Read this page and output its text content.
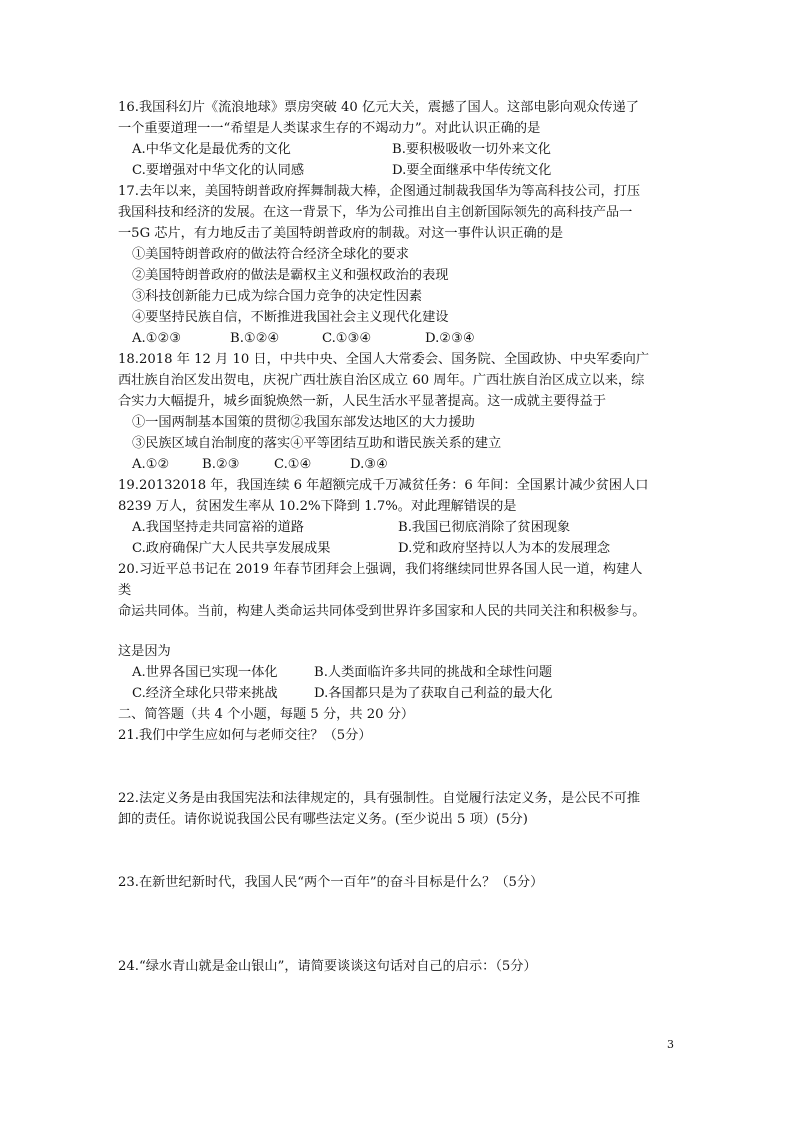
16.我国科幻片《流浪地球》票房突破 40 亿元大关，震撼了国人。这部电影向观众传递了
一个重要道理一一“希望是人类谋求生存的不竭动力”。对此认识正确的是
A.中华文化是最优秀的文化	B.要积极吸收一切外来文化
C.要增强对中华文化的认同感	D.要全面继承中华传统文化
17.去年以来，美国特朗普政府挥舞制裁大棒，企图通过制裁我国华为等高科技公司，打压
我国科技和经济的发展。在这一背景下，华为公司推出自主创新国际领先的高科技产品一
一5G 芯片，有力地反击了美国特朗普政府的制裁。对这一事件认识正确的是
①美国特朗普政府的做法符合经济全球化的要求
②美国特朗普政府的做法是霸权主义和强权政治的表现
③科技创新能力已成为综合国力竞争的决定性因素
④要坚持民族自信，不断推进我国社会主义现代化建设
A.①②③	B.①②④	C.①③④	D.②③④
18.2018 年 12 月 10 日，中共中央、全国人大常委会、国务院、全国政协、中央军委向广
西壮族自治区发出贺电，庆祝广西壮族自治区成立 60 周年。广西壮族自治区成立以来，综
合实力大幅提升，城乡面貌焕然一新，人民生活水平显著提高。这一成就主要得益于
①一国两制基本国策的贯彻②我国东部发达地区的大力援助
③民族区域自治制度的落实④平等团结互助和谐民族关系的建立
A.①② B.②③	C.①④	D.③④
19.20132018 年，我国连续 6 年超额完成千万减贫任务：6 年间：全国累计减少贫困人口
8239 万人，贫困发生率从 10.2%下降到 1.7%。对此理解错误的是
A.我国坚持走共同富裕的道路	B.我国已彻底消除了贫困现象
C.政府确保广大人民共享发展成果	D.党和政府坚持以人为本的发展理念
20.习近平总书记在 2019 年春节团拜会上强调，我们将继续同世界各国人民一道，构建人
类
命运共同体。当前，构建人类命运共同体受到世界许多国家和人民的共同关注和积极参与。
这是因为
A.世界各国已实现一体化	B.人类面临许多共同的挑战和全球性问题
C.经济全球化只带来挑战	D.各国都只是为了获取自己利益的最大化
二、简答题（共 4 个小题，每题 5 分，共 20 分）
21.我们中学生应如何与老师交往？（5分）
22.法定义务是由我国宪法和法律规定的，具有强制性。自觉履行法定义务，是公民不可推
卸的责任。请你说说我国公民有哪些法定义务。(至少说出 5 项）(5分)
23.在新世纪新时代，我国人民“两个一百年”的奋斗目标是什么？（5分）
24.“绿水青山就是金山银山”，请简要谈谈这句话对自己的启示：（5分）
3
